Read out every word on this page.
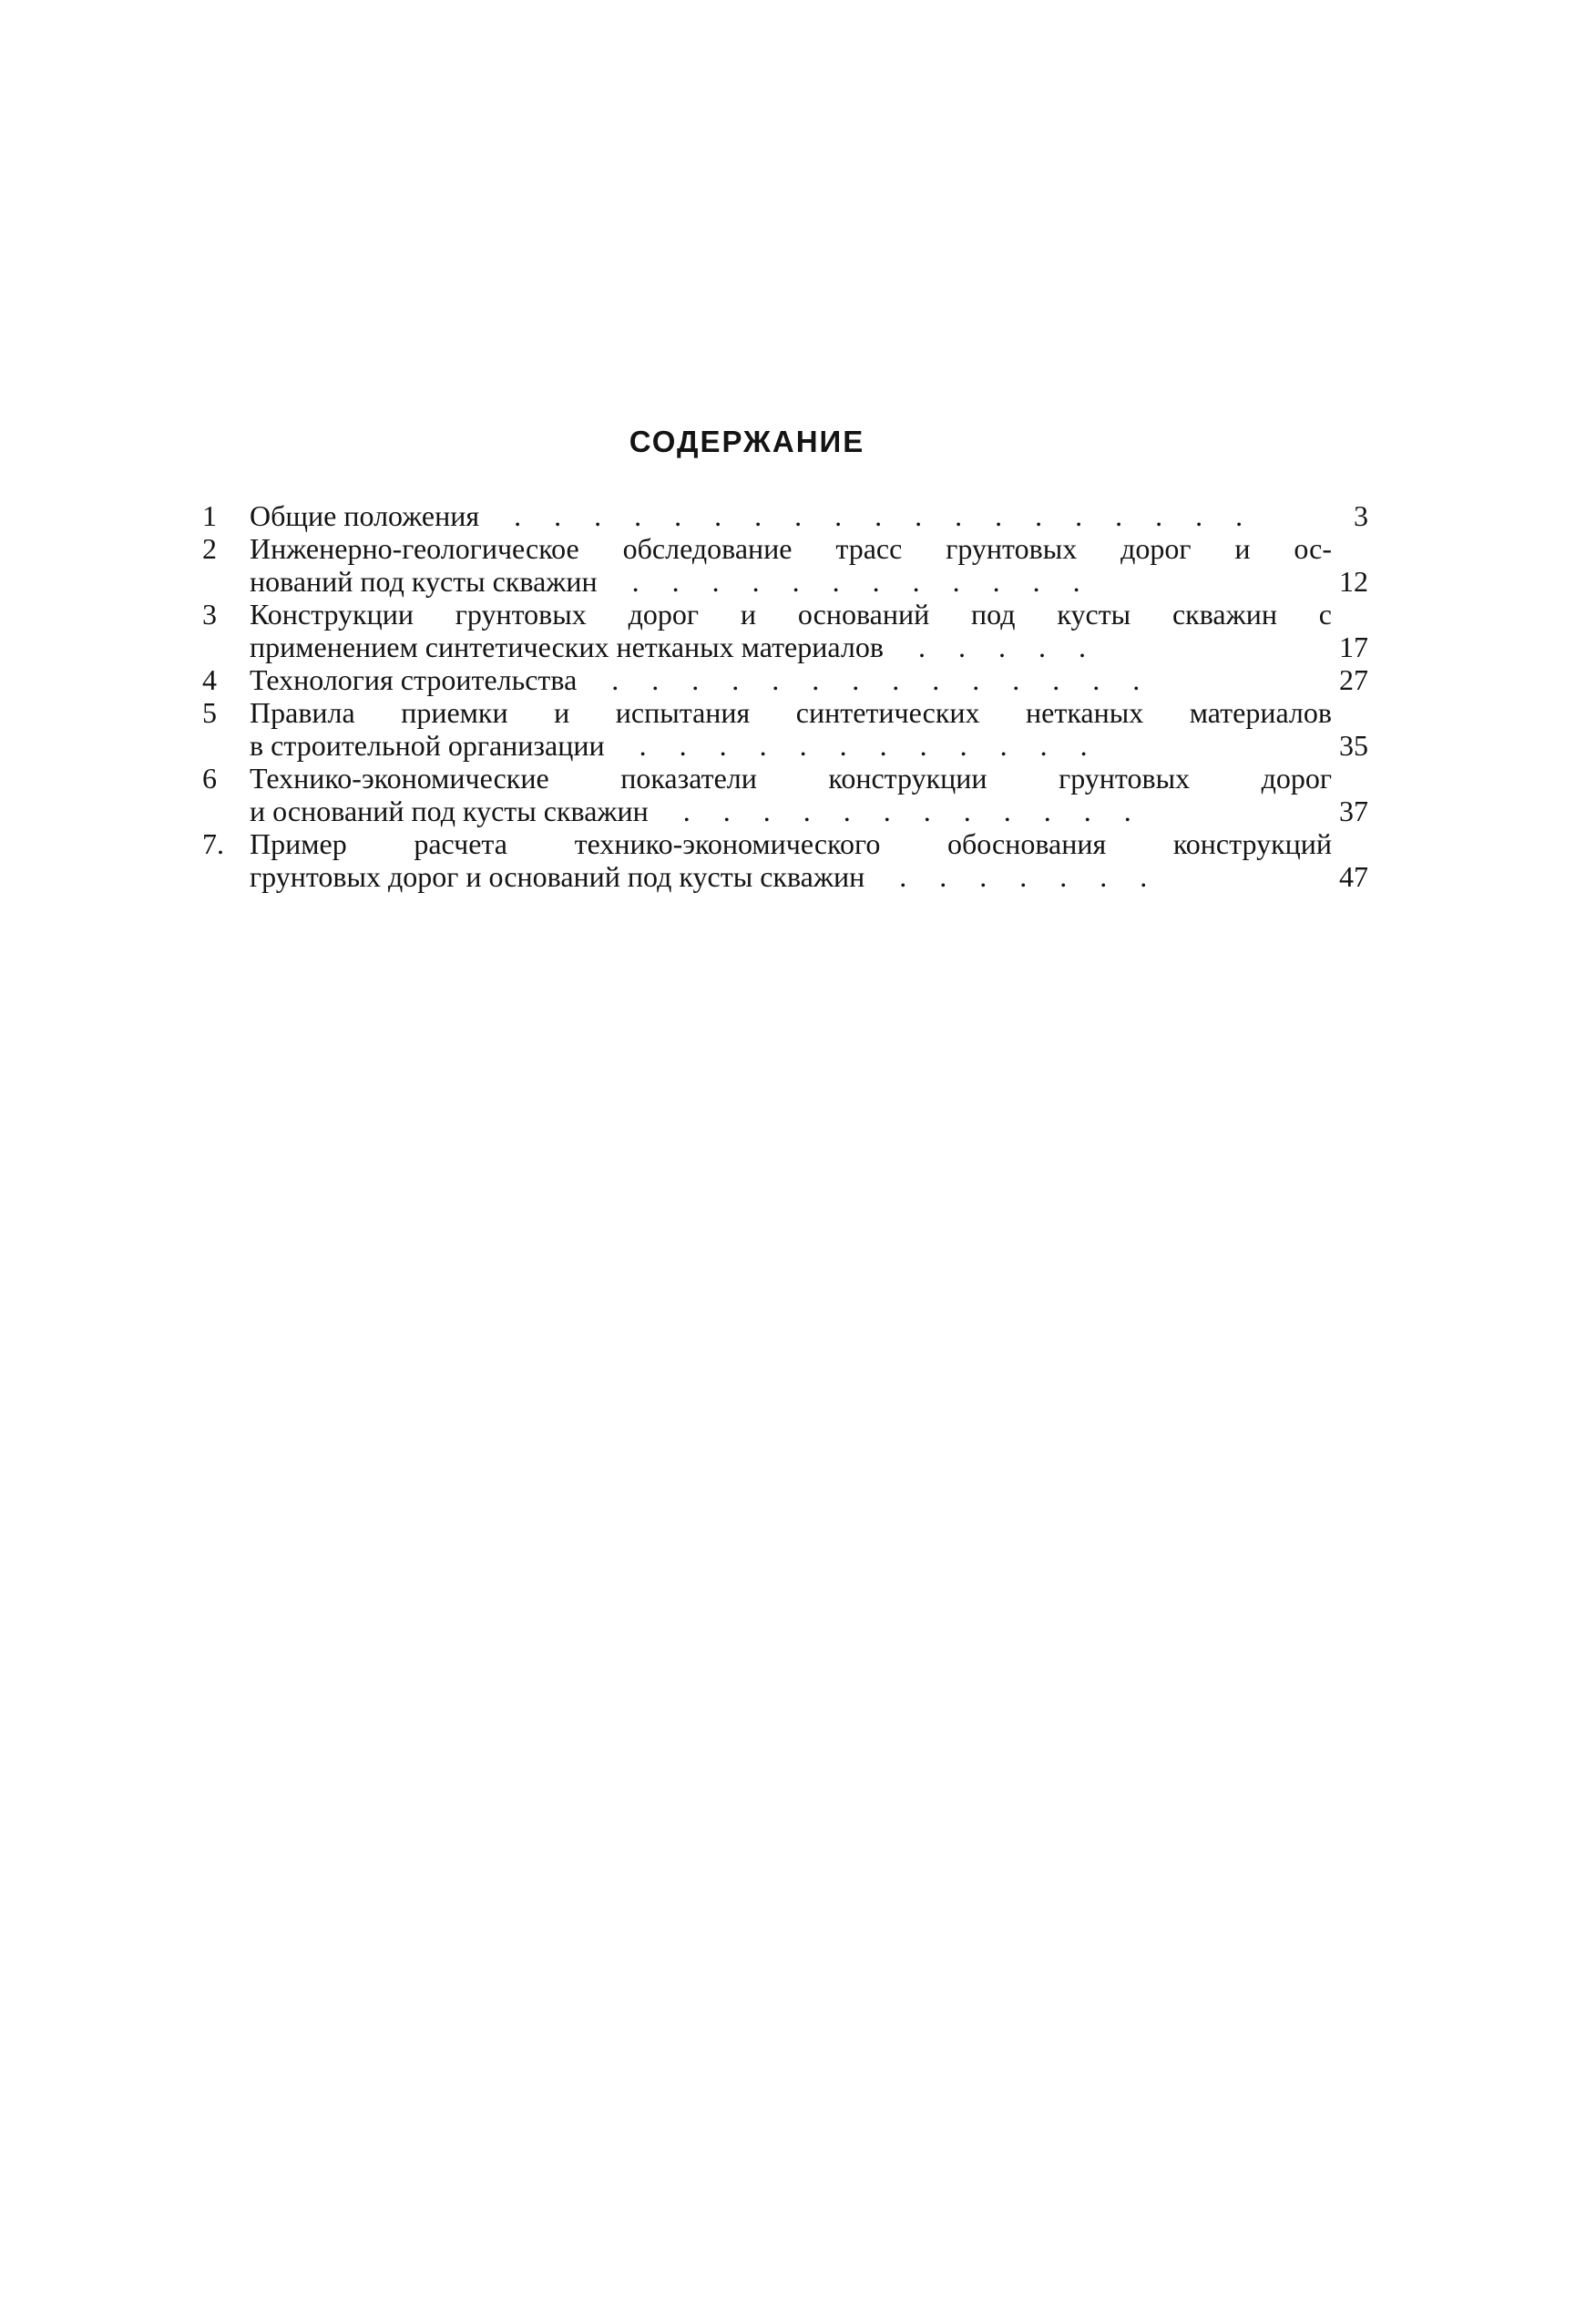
СОДЕРЖАНИЕ
1	Общие положения	. . . . . . . . . . . . . . . . . . .	3
2	Инженерно-геологическое обследование трасс грунтовых дорог и ос-
нований под кусты скважин	. . . . . . . . . . . .	12
3	Конструкции грунтовых дорог и оснований под кусты скважин с
применением синтетических нетканых материалов	. . . . .	17
4	Технология строительства	. . . . . . . . . . . . . .	27
5	Правила приемки и испытания синтетических нетканых материалов
в строительной организации	. . . . . . . . . . . .	35
6	Технико-экономические показатели конструкции грунтовых дорог
и оснований под кусты скважин	. . . . . . . . . . . .	37
7. Пример расчета технико-экономического обоснования конструкций
грунтовых дорог и оснований под кусты скважин	. . . . . . .	47
